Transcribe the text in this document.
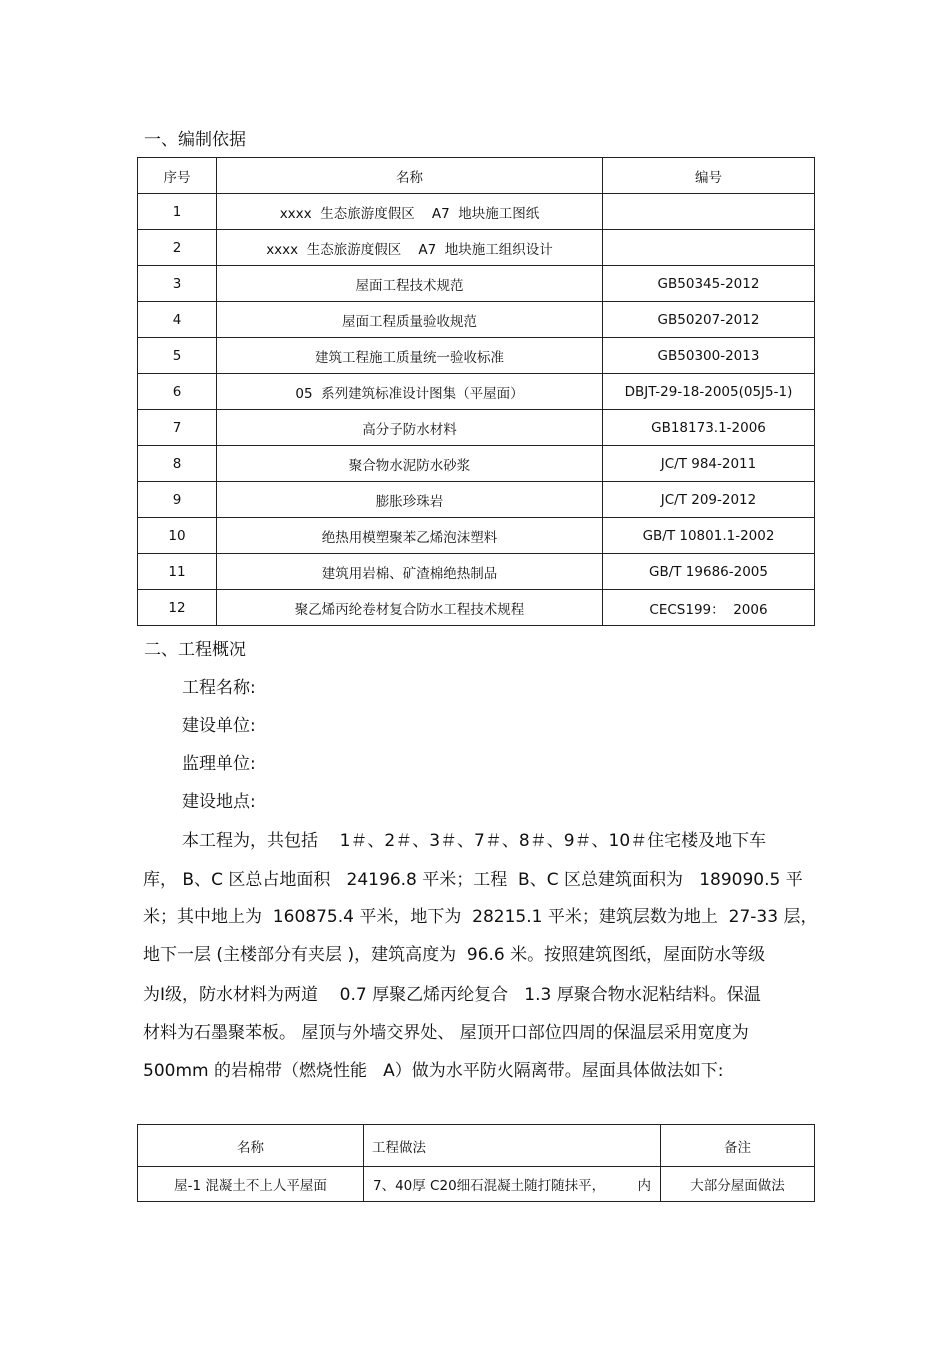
一、编制依据
序号	名称	编号
1	xxxx  生态旅游度假区    A7  地块施工图纸	
2	xxxx  生态旅游度假区    A7  地块施工组织设计	
3	屋面工程技术规范	GB50345-2012
4	屋面工程质量验收规范	GB50207-2012
5	建筑工程施工质量统一验收标准	GB50300-2013
6	05  系列建筑标准设计图集（平屋面）	DBJT-29-18-2005(05J5-1)
7	高分子防水材料	GB18173.1-2006
8	聚合物水泥防水砂浆	JC/T 984-2011
9	膨胀珍珠岩	JC/T 209-2012
10	绝热用模塑聚苯乙烯泡沫塑料	GB/T 10801.1-2002
11	建筑用岩棉、矿渣棉绝热制品	GB/T 19686-2005
12	聚乙烯丙纶卷材复合防水工程技术规程	CECS199：  2006
二、工程概况
工程名称:
建设单位:
监理单位:
建设地点:
本工程为，共包括    1＃、2＃、3＃、7＃、8＃、9＃、10＃住宅楼及地下车
库， B、C 区总占地面积   24196.8 平米；工程  B、C 区总建筑面积为   189090.5 平
米；其中地上为  160875.4 平米，地下为  28215.1 平米；建筑层数为地上  27-33 层，
地下一层 (主楼部分有夹层 )，建筑高度为  96.6 米。按照建筑图纸，屋面防水等级
为Ⅰ级，防水材料为两道    0.7 厚聚乙烯丙纶复合   1.3 厚聚合物水泥粘结料。保温
材料为石墨聚苯板。 屋顶与外墙交界处、 屋顶开口部位四周的保温层采用宽度为
500mm 的岩棉带（燃烧性能   A）做为水平防火隔离带。屋面具体做法如下:
名称	工程做法	备注
屋-1 混凝土不上人平屋面	7、40厚 C20细石混凝土随打随抹平， 内	大部分屋面做法
